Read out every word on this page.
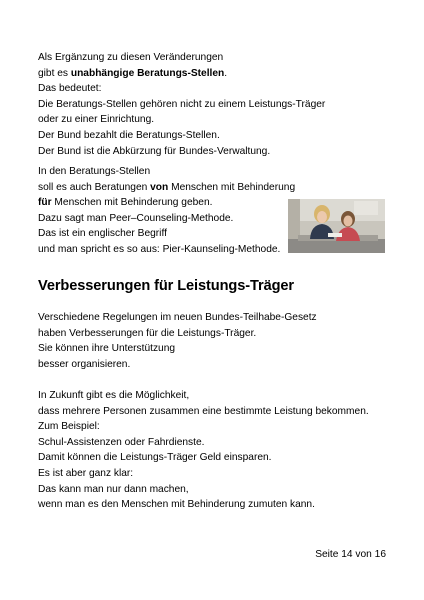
Als Ergänzung zu diesen Veränderungen
gibt es unabhängige Beratungs-Stellen.
Das bedeutet:
Die Beratungs-Stellen gehören nicht zu einem Leistungs-Träger
oder zu einer Einrichtung.
Der Bund bezahlt die Beratungs-Stellen.
Der Bund ist die Abkürzung für Bundes-Verwaltung.
In den Beratungs-Stellen
soll es auch Beratungen von Menschen mit Behinderung
für Menschen mit Behinderung geben.
Dazu sagt man Peer–Counseling-Methode.
Das ist ein englischer Begriff
und man spricht es so aus: Pier-Kaunseling-Methode.
Verbesserungen für Leistungs-Träger
Verschiedene Regelungen im neuen Bundes-Teilhabe-Gesetz
haben Verbesserungen für die Leistungs-Träger.
Sie können ihre Unterstützung
besser organisieren.
In Zukunft gibt es die Möglichkeit,
dass mehrere Personen zusammen eine bestimmte Leistung bekommen.
Zum Beispiel:
Schul-Assistenzen oder Fahrdienste.
Damit können die Leistungs-Träger Geld einsparen.
Es ist aber ganz klar:
Das kann man nur dann machen,
wenn man es den Menschen mit Behinderung zumuten kann.
Seite 14 von 16
